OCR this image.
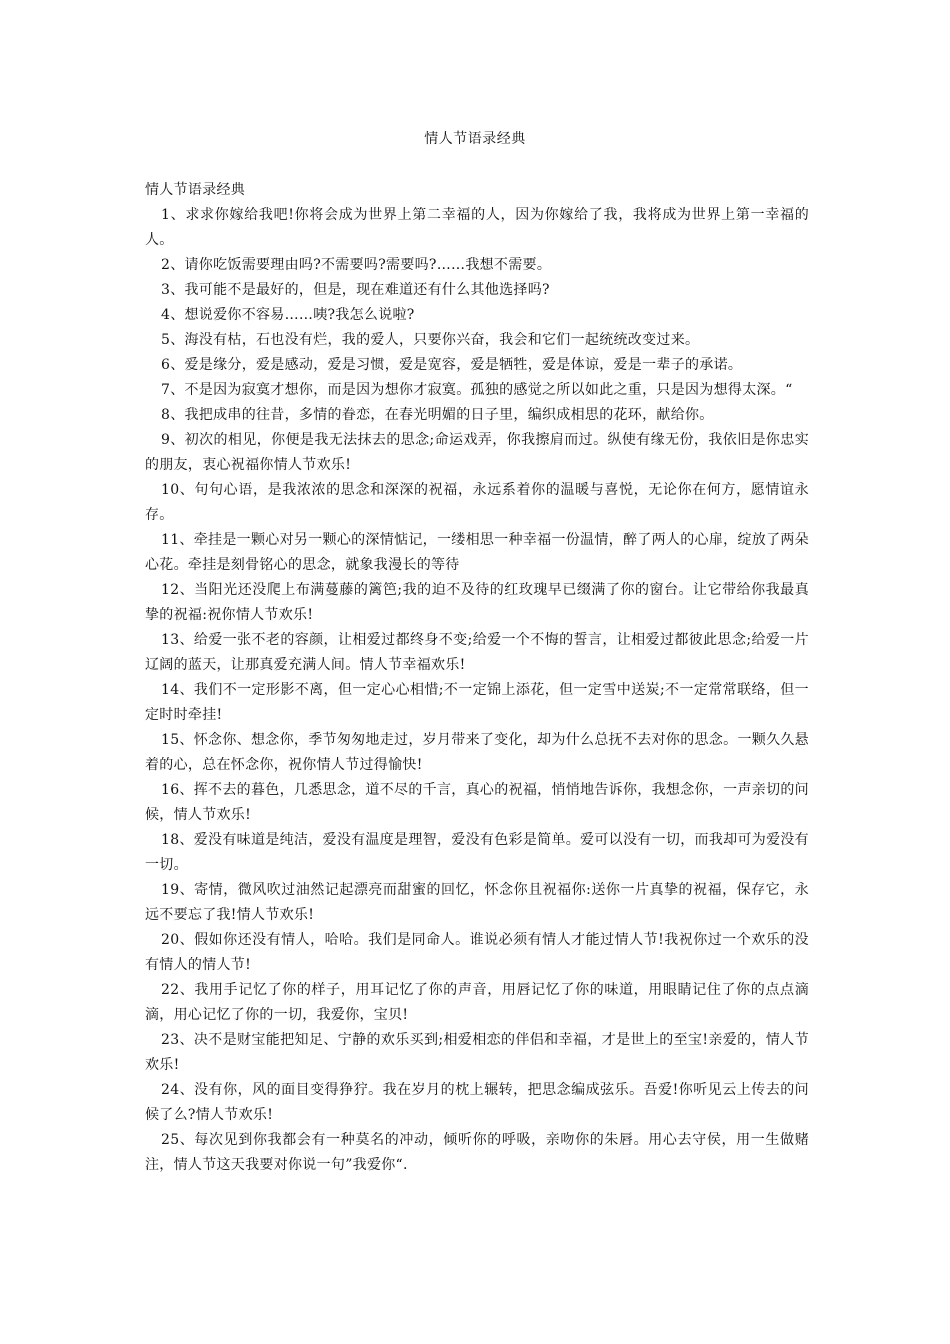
情人节语录经典

情人节语录经典

1、求求你嫁给我吧!你将会成为世界上第二幸福的人，因为你嫁给了我，我将成为世界上第一幸福的人。

2、请你吃饭需要理由吗?不需要吗?需要吗?……我想不需要。

3、我可能不是最好的，但是，现在难道还有什么其他选择吗?

4、想说爱你不容易……咦?我怎么说啦?

5、海没有枯，石也没有烂，我的爱人，只要你兴奋，我会和它们一起统统改变过来。

6、爱是缘分，爱是感动，爱是习惯，爱是宽容，爱是牺牲，爱是体谅，爱是一辈子的承诺。

7、不是因为寂寞才想你，而是因为想你才寂寞。孤独的感觉之所以如此之重，只是因为想得太深。“

8、我把成串的往昔，多情的眷恋，在春光明媚的日子里，编织成相思的花环，献给你。

9、初次的相见，你便是我无法抹去的思念;命运戏弄，你我擦肩而过。纵使有缘无份，我依旧是你忠实的朋友，衷心祝福你情人节欢乐!

10、句句心语，是我浓浓的思念和深深的祝福，永远系着你的温暖与喜悦，无论你在何方，愿情谊永存。

11、牵挂是一颗心对另一颗心的深情惦记，一缕相思一种幸福一份温情，醉了两人的心扉，绽放了两朵心花。牵挂是刻骨铭心的思念，就象我漫长的等待

12、当阳光还没爬上布满蔓藤的篱笆;我的迫不及待的红玫瑰早已缀满了你的窗台。让它带给你我最真挚的祝福:祝你情人节欢乐!

13、给爱一张不老的容颜，让相爱过都终身不变;给爱一个不悔的誓言，让相爱过都彼此思念;给爱一片辽阔的蓝天，让那真爱充满人间。情人节幸福欢乐!

14、我们不一定形影不离，但一定心心相惜;不一定锦上添花，但一定雪中送炭;不一定常常联络，但一定时时牵挂!

15、怀念你、想念你，季节匆匆地走过，岁月带来了变化，却为什么总抚不去对你的思念。一颗久久悬着的心，总在怀念你，祝你情人节过得愉快!

16、挥不去的暮色，几悉思念，道不尽的千言，真心的祝福，悄悄地告诉你，我想念你，一声亲切的问候，情人节欢乐!

18、爱没有味道是纯洁，爱没有温度是理智，爱没有色彩是简单。爱可以没有一切，而我却可为爱没有一切。

19、寄情，微风吹过油然记起漂亮而甜蜜的回忆，怀念你且祝福你:送你一片真挚的祝福，保存它，永远不要忘了我!情人节欢乐!

20、假如你还没有情人，哈哈。我们是同命人。谁说必须有情人才能过情人节!我祝你过一个欢乐的没有情人的情人节!

22、我用手记忆了你的样子，用耳记忆了你的声音，用唇记忆了你的味道，用眼睛记住了你的点点滴滴，用心记忆了你的一切，我爱你，宝贝!

23、决不是财宝能把知足、宁静的欢乐买到;相爱相恋的伴侣和幸福，才是世上的至宝!亲爱的，情人节欢乐!

24、没有你，风的面目变得狰狞。我在岁月的枕上辗转，把思念编成弦乐。吾爱!你听见云上传去的问候了么?情人节欢乐!

25、每次见到你我都会有一种莫名的冲动，倾听你的呼吸，亲吻你的朱唇。用心去守侯，用一生做赌注，情人节这天我要对你说一句”我爱你“.
